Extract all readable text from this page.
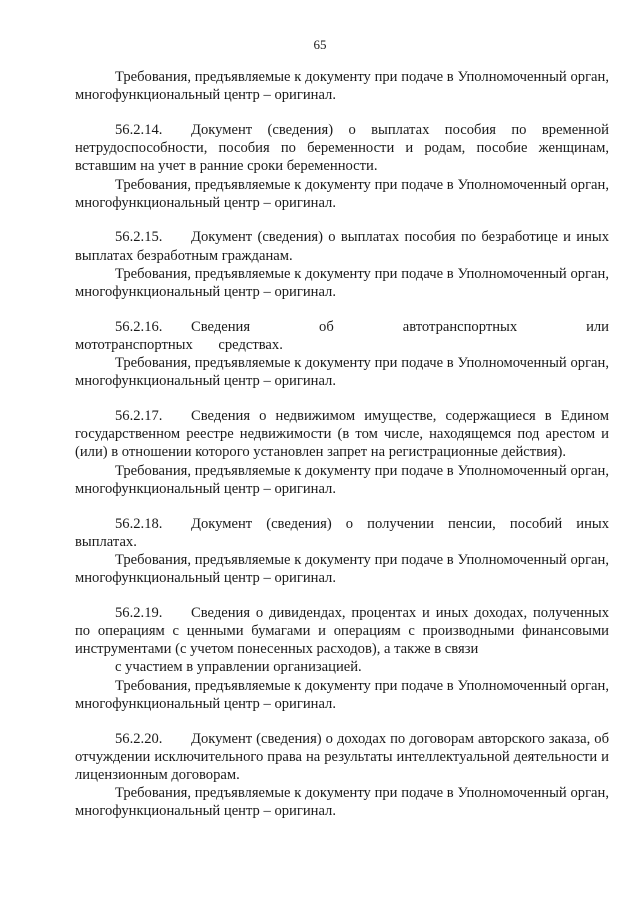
65

Требования, предъявляемые к документу при подаче в Уполномоченный орган, многофункциональный центр – оригинал.

56.2.14. Документ (сведения) о выплатах пособия по временной нетрудоспособности, пособия по беременности и родам, пособие женщинам, вставшим на учет в ранние сроки беременности.

Требования, предъявляемые к документу при подаче в Уполномоченный орган, многофункциональный центр – оригинал.

56.2.15. Документ (сведения) о выплатах пособия по безработице и иных выплатах безработным гражданам.

Требования, предъявляемые к документу при подаче в Уполномоченный орган, многофункциональный центр – оригинал.

56.2.16. Сведения об автотранспортных или мототранспортных средствах.

Требования, предъявляемые к документу при подаче в Уполномоченный орган, многофункциональный центр – оригинал.

56.2.17. Сведения о недвижимом имуществе, содержащиеся в Едином государственном реестре недвижимости (в том числе, находящемся под арестом и (или) в отношении которого установлен запрет на регистрационные действия).

Требования, предъявляемые к документу при подаче в Уполномоченный орган, многофункциональный центр – оригинал.

56.2.18. Документ (сведения) о получении пенсии, пособий иных выплатах.

Требования, предъявляемые к документу при подаче в Уполномоченный орган, многофункциональный центр – оригинал.

56.2.19. Сведения о дивидендах, процентах и иных доходах, полученных по операциям с ценными бумагами и операциям с производными финансовыми инструментами (с учетом понесенных расходов), а также в связи

с участием в управлении организацией.

Требования, предъявляемые к документу при подаче в Уполномоченный орган, многофункциональный центр – оригинал.

56.2.20. Документ (сведения) о доходах по договорам авторского заказа, об отчуждении исключительного права на результаты интеллектуальной деятельности и лицензионным договорам.

Требования, предъявляемые к документу при подаче в Уполномоченный орган, многофункциональный центр – оригинал.
